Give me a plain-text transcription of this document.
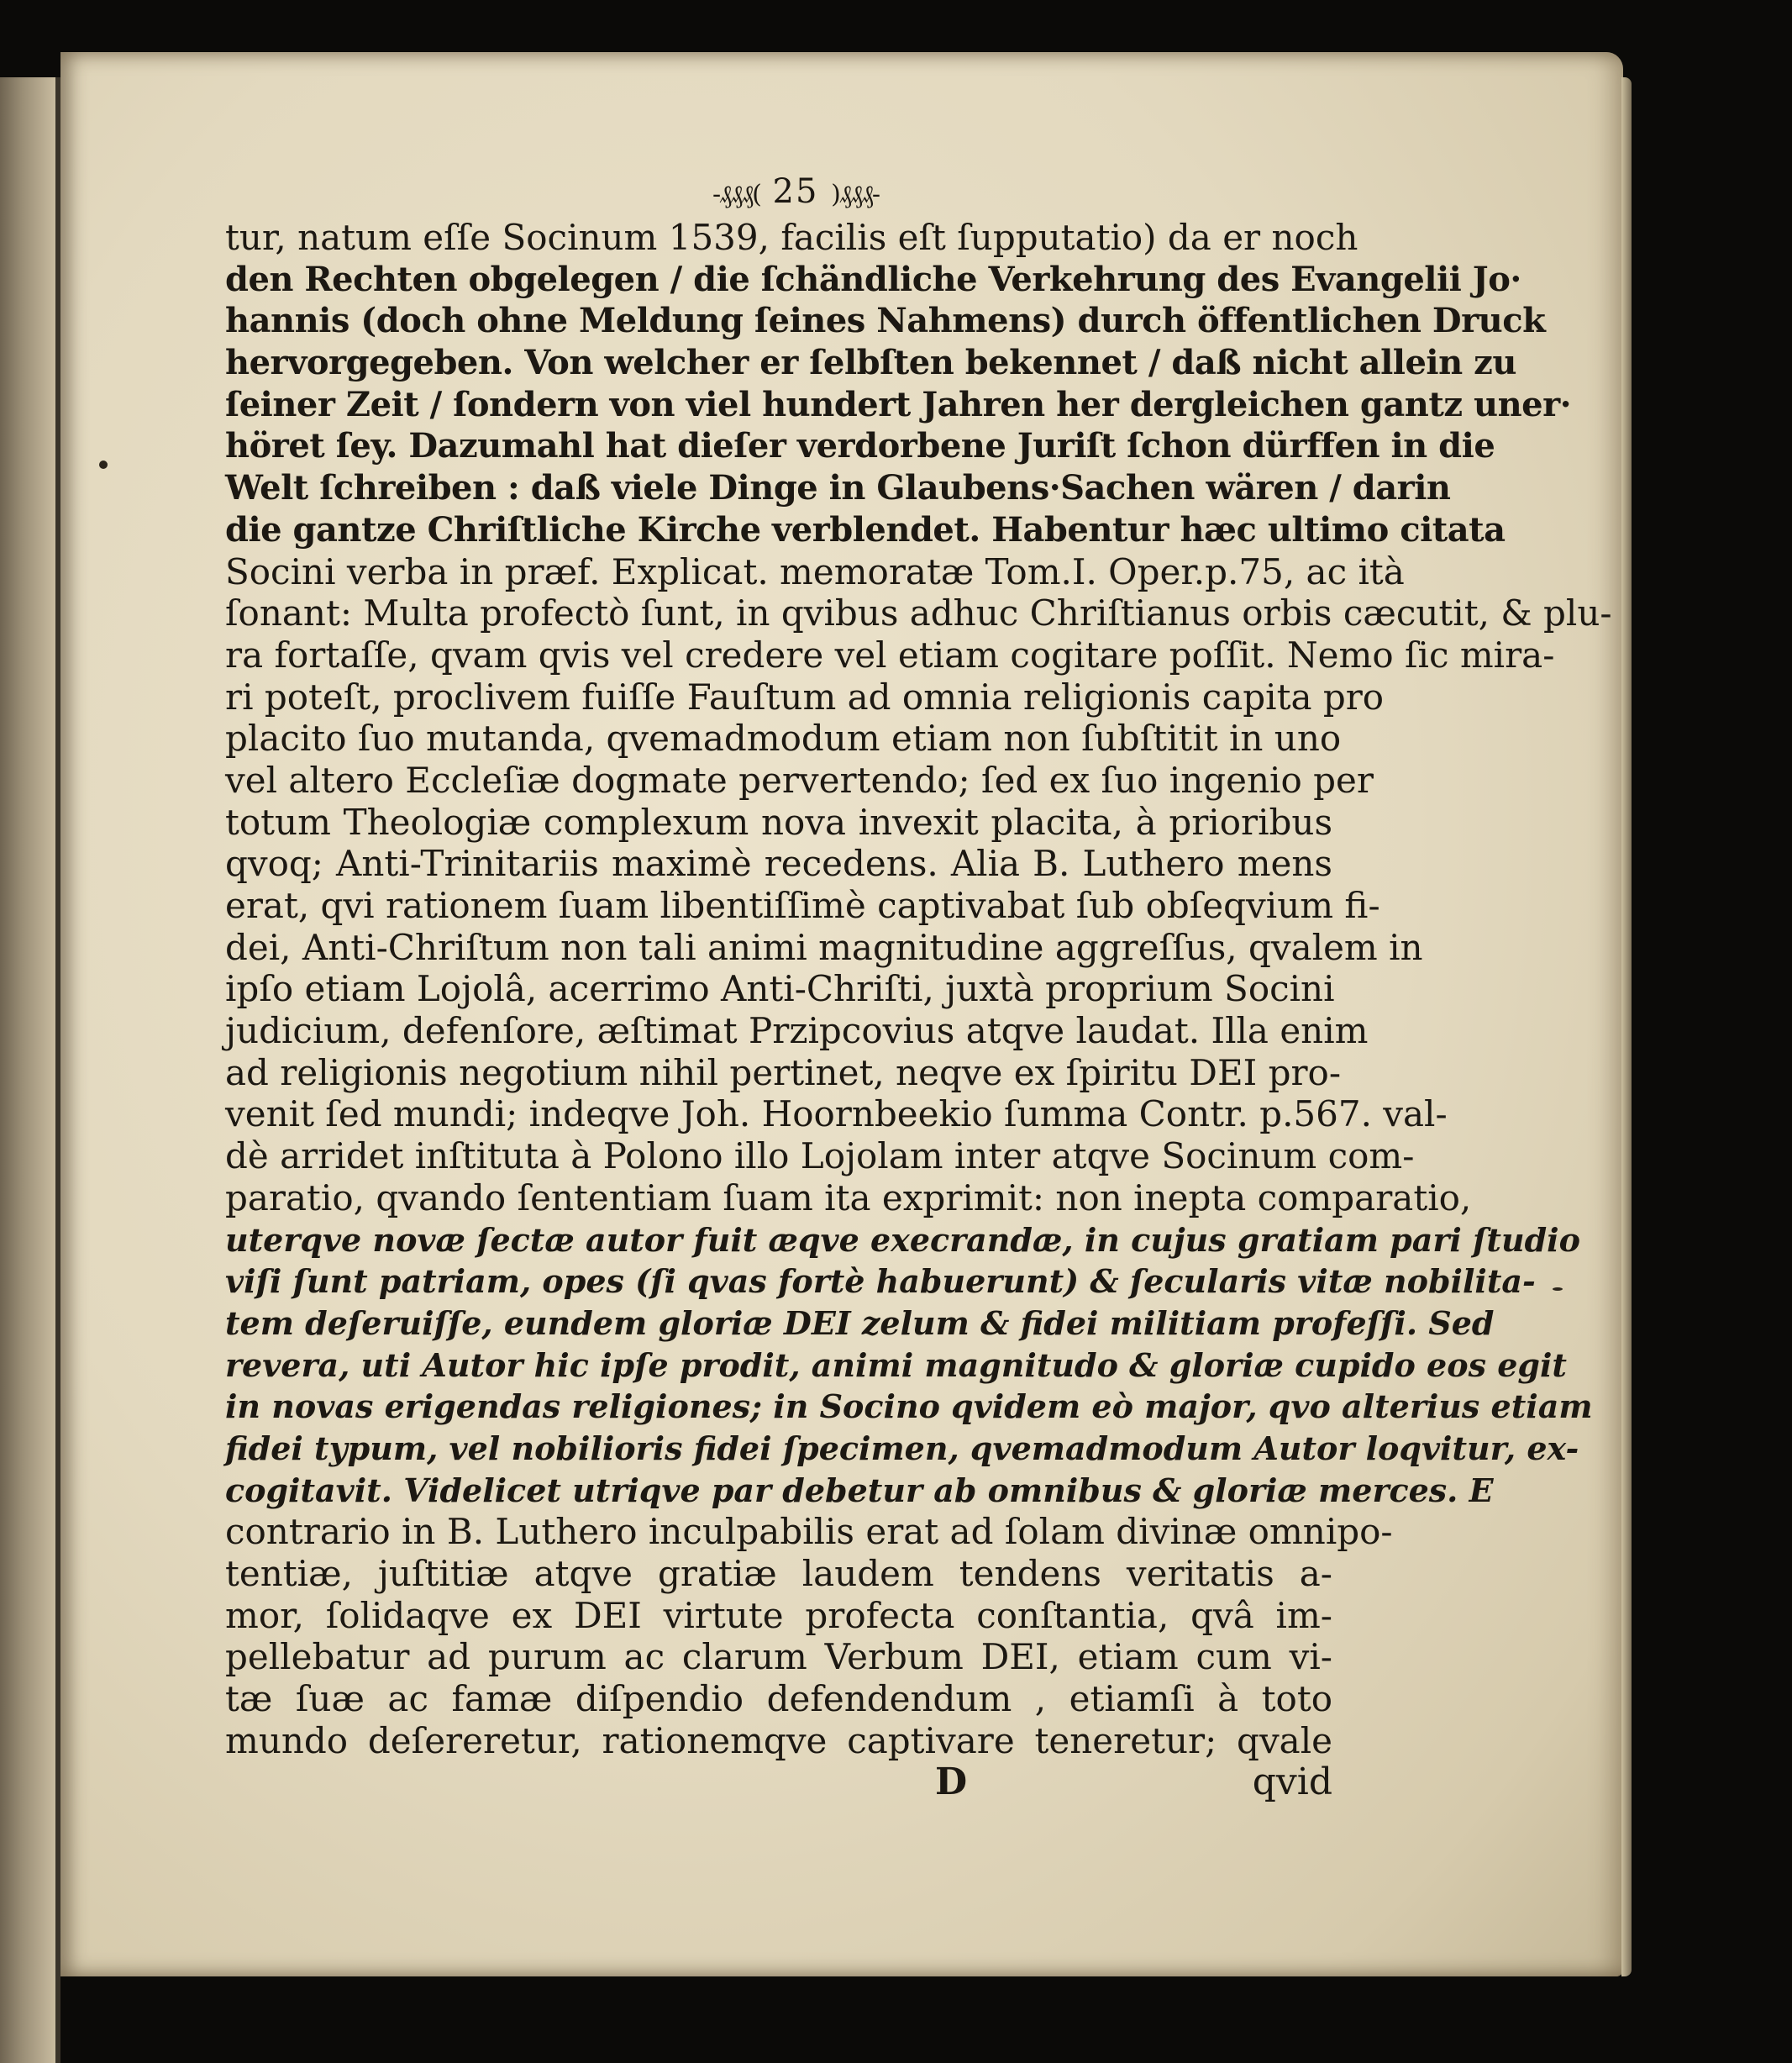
-₰₰₰( 25 )₰₰₰-
tur, natum eſſe Socinum 1539, facilis eſt ſupputatio) da er noch
den Rechten obgelegen / die ſchändliche Verkehrung des Evangelii Jo·
hannis (doch ohne Meldung ſeines Nahmens) durch öffentlichen Druck
hervorgegeben. Von welcher er ſelbſten bekennet / daß nicht allein zu
ſeiner Zeit / ſondern von viel hundert Jahren her dergleichen gantz uner·
höret ſey. Dazumahl hat dieſer verdorbene Juriſt ſchon dürffen in die
Welt ſchreiben : daß viele Dinge in Glaubens·Sachen wären / darin
die gantze Chriſtliche Kirche verblendet. Habentur hæc ultimo citata
Socini verba in præf. Explicat. memoratæ Tom.I. Oper.p.75, ac ità
ſonant: Multa profectò ſunt, in qvibus adhuc Chriſtianus orbis cæcutit, & plu-
ra fortaſſe, qvam qvis vel credere vel etiam cogitare poſſit. Nemo ſic mira-
ri poteſt, proclivem fuiſſe Fauſtum ad omnia religionis capita pro
placito ſuo mutanda, qvemadmodum etiam non ſubſtitit in uno
vel altero Eccleſiæ dogmate pervertendo; ſed ex ſuo ingenio per
totum Theologiæ complexum nova invexit placita, à prioribus
qvoq; Anti-Trinitariis maximè recedens. Alia B. Luthero mens
erat, qvi rationem ſuam libentiſſimè captivabat ſub obſeqvium fi-
dei, Anti-Chriſtum non tali animi magnitudine aggreſſus, qvalem in
ipſo etiam Lojolâ, acerrimo Anti-Chriſti, juxtà proprium Socini
judicium, defenſore, æſtimat Przipcovius atqve laudat. Illa enim
ad religionis negotium nihil pertinet, neqve ex ſpiritu DEI pro-
venit ſed mundi; indeqve Joh. Hoornbeekio ſumma Contr. p.567. val-
dè arridet inſtituta à Polono illo Lojolam inter atqve Socinum com-
paratio, qvando ſententiam ſuam ita exprimit: non inepta comparatio,
uterqve novæ ſectæ autor fuit æqve execrandæ, in cujus gratiam pari ſtudio
viſi ſunt patriam, opes (ſi qvas fortè habuerunt) & ſecularis vitæ nobilita-
tem deſeruiſſe, eundem gloriæ DEI zelum & fidei militiam profeſſi. Sed
revera, uti Autor hic ipſe prodit, animi magnitudo & gloriæ cupido eos egit
in novas erigendas religiones; in Socino qvidem eò major, qvo alterius etiam
fidei typum, vel nobilioris fidei ſpecimen, qvemadmodum Autor loqvitur, ex-
cogitavit. Videlicet utriqve par debetur ab omnibus & gloriæ merces. E
contrario in B. Luthero inculpabilis erat ad ſolam divinæ omnipo-
tentiæ, juſtitiæ atqve gratiæ laudem tendens veritatis a-
mor, ſolidaqve ex DEI virtute profecta conſtantia, qvâ im-
pellebatur ad purum ac clarum Verbum DEI, etiam cum vi-
tæ ſuæ ac famæ diſpendio defendendum , etiamſi à toto
mundo deſereretur, rationemqve captivare teneretur; qvale
D	qvid
